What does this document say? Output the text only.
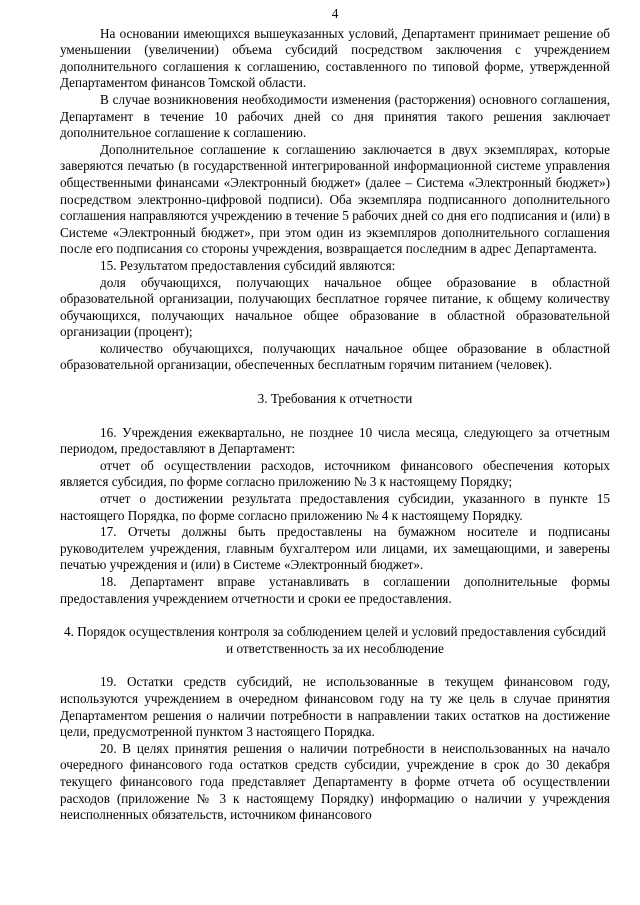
4

На основании имеющихся вышеуказанных условий, Департамент принимает решение об уменьшении (увеличении) объема субсидий посредством заключения с учреждением дополнительного соглашения к соглашению, составленного по типовой форме, утвержденной Департаментом финансов Томской области.

В случае возникновения необходимости изменения (расторжения) основного соглашения, Департамент в течение 10 рабочих дней со дня принятия такого решения заключает дополнительное соглашение к соглашению.

Дополнительное соглашение к соглашению заключается в двух экземплярах, которые заверяются печатью (в государственной интегрированной информационной системе управления общественными финансами «Электронный бюджет» (далее – Система «Электронный бюджет») посредством электронно-цифровой подписи). Оба экземпляра подписанного дополнительного соглашения направляются учреждению в течение 5 рабочих дней со дня его подписания и (или) в Системе «Электронный бюджет», при этом один из экземпляров дополнительного соглашения после его подписания со стороны учреждения, возвращается последним в адрес Департамента.

15. Результатом предоставления субсидий являются:

доля обучающихся, получающих начальное общее образование в областной образовательной организации, получающих бесплатное горячее питание, к общему количеству обучающихся, получающих начальное общее образование в областной образовательной организации (процент);

количество обучающихся, получающих начальное общее образование в областной образовательной организации, обеспеченных бесплатным горячим питанием (человек).

3. Требования к отчетности

16. Учреждения ежеквартально, не позднее 10 числа месяца, следующего за отчетным периодом, предоставляют в Департамент:

отчет об осуществлении расходов, источником финансового обеспечения которых является субсидия, по форме согласно приложению № 3 к настоящему Порядку;

отчет о достижении результата предоставления субсидии, указанного в пункте 15 настоящего Порядка, по форме согласно приложению № 4 к настоящему Порядку.

17. Отчеты должны быть предоставлены на бумажном носителе и подписаны руководителем учреждения, главным бухгалтером или лицами, их замещающими, и заверены печатью учреждения и (или) в Системе «Электронный бюджет».

18. Департамент вправе устанавливать в соглашении дополнительные формы предоставления учреждением отчетности и сроки ее предоставления.

4. Порядок осуществления контроля за соблюдением целей и условий предоставления субсидий и ответственность за их несоблюдение

19. Остатки средств субсидий, не использованные в текущем финансовом году, используются учреждением в очередном финансовом году на ту же цель в случае принятия Департаментом решения о наличии потребности в направлении таких остатков на достижение цели, предусмотренной пунктом 3 настоящего Порядка.

20. В целях принятия решения о наличии потребности в неиспользованных на начало очередного финансового года остатков средств субсидии, учреждение в срок до 30 декабря текущего финансового года представляет Департаменту в форме отчета об осуществлении расходов (приложение № 3 к настоящему Порядку) информацию о наличии у учреждения неисполненных обязательств, источником финансового
